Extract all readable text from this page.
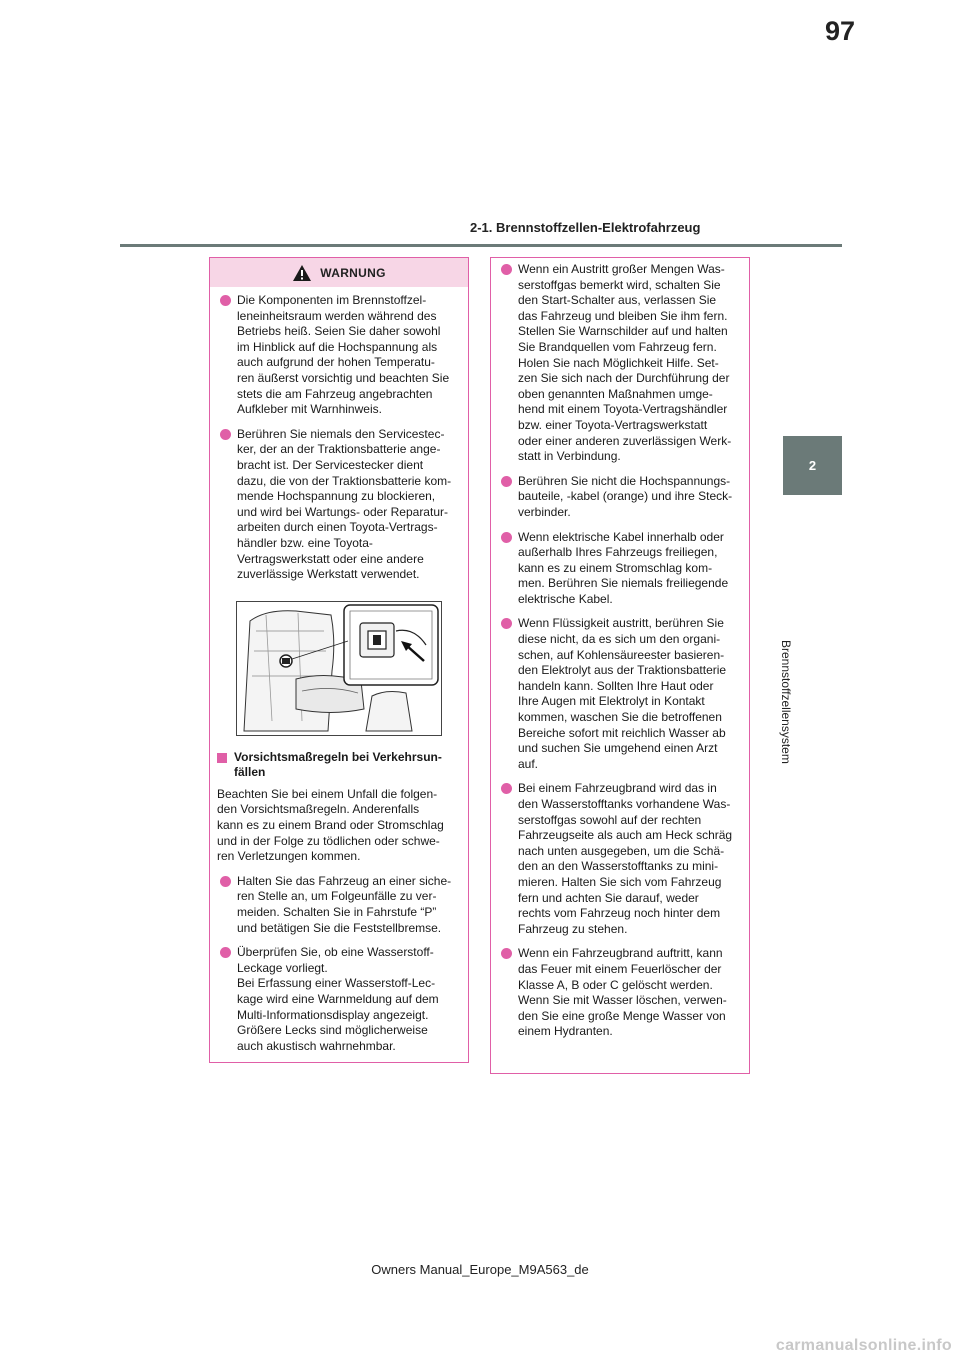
97
2-1. Brennstoffzellen-Elektrofahrzeug
2
Brennstoffzellensystem
WARNUNG
Die Komponenten im Brennstoffzel-
leneinheitsraum werden während des
Betriebs heiß. Seien Sie daher sowohl
im Hinblick auf die Hochspannung als
auch aufgrund der hohen Temperatu-
ren äußerst vorsichtig und beachten Sie
stets die am Fahrzeug angebrachten
Aufkleber mit Warnhinweis.
Berühren Sie niemals den Servicestec-
ker, der an der Traktionsbatterie ange-
bracht ist. Der Servicestecker dient
dazu, die von der Traktionsbatterie kom-
mende Hochspannung zu blockieren,
und wird bei Wartungs- oder Reparatur-
arbeiten durch einen Toyota-Vertrags-
händler bzw. eine Toyota-
Vertragswerkstatt oder eine andere
zuverlässige Werkstatt verwendet.
Vorsichtsmaßregeln bei Verkehrsun-
fällen
Beachten Sie bei einem Unfall die folgen-
den Vorsichtsmaßregeln. Anderenfalls
kann es zu einem Brand oder Stromschlag
und in der Folge zu tödlichen oder schwe-
ren Verletzungen kommen.
Halten Sie das Fahrzeug an einer siche-
ren Stelle an, um Folgeunfälle zu ver-
meiden. Schalten Sie in Fahrstufe “P”
und betätigen Sie die Feststellbremse.
Überprüfen Sie, ob eine Wasserstoff-
Leckage vorliegt.
Bei Erfassung einer Wasserstoff-Lec-
kage wird eine Warnmeldung auf dem
Multi-Informationsdisplay angezeigt.
Größere Lecks sind möglicherweise
auch akustisch wahrnehmbar.
Wenn ein Austritt großer Mengen Was-
serstoffgas bemerkt wird, schalten Sie
den Start-Schalter aus, verlassen Sie
das Fahrzeug und bleiben Sie ihm fern.
Stellen Sie Warnschilder auf und halten
Sie Brandquellen vom Fahrzeug fern.
Holen Sie nach Möglichkeit Hilfe. Set-
zen Sie sich nach der Durchführung der
oben genannten Maßnahmen umge-
hend mit einem Toyota-Vertragshändler
bzw. einer Toyota-Vertragswerkstatt
oder einer anderen zuverlässigen Werk-
statt in Verbindung.
Berühren Sie nicht die Hochspannungs-
bauteile, -kabel (orange) und ihre Steck-
verbinder.
Wenn elektrische Kabel innerhalb oder
außerhalb Ihres Fahrzeugs freiliegen,
kann es zu einem Stromschlag kom-
men. Berühren Sie niemals freiliegende
elektrische Kabel.
Wenn Flüssigkeit austritt, berühren Sie
diese nicht, da es sich um den organi-
schen, auf Kohlensäureester basieren-
den Elektrolyt aus der Traktionsbatterie
handeln kann. Sollten Ihre Haut oder
Ihre Augen mit Elektrolyt in Kontakt
kommen, waschen Sie die betroffenen
Bereiche sofort mit reichlich Wasser ab
und suchen Sie umgehend einen Arzt
auf.
Bei einem Fahrzeugbrand wird das in
den Wasserstofftanks vorhandene Was-
serstoffgas sowohl auf der rechten
Fahrzeugseite als auch am Heck schräg
nach unten ausgegeben, um die Schä-
den an den Wasserstofftanks zu mini-
mieren. Halten Sie sich vom Fahrzeug
fern und achten Sie darauf, weder
rechts vom Fahrzeug noch hinter dem
Fahrzeug zu stehen.
Wenn ein Fahrzeugbrand auftritt, kann
das Feuer mit einem Feuerlöscher der
Klasse A, B oder C gelöscht werden.
Wenn Sie mit Wasser löschen, verwen-
den Sie eine große Menge Wasser von
einem Hydranten.
Owners Manual_Europe_M9A563_de
carmanualsonline.info
